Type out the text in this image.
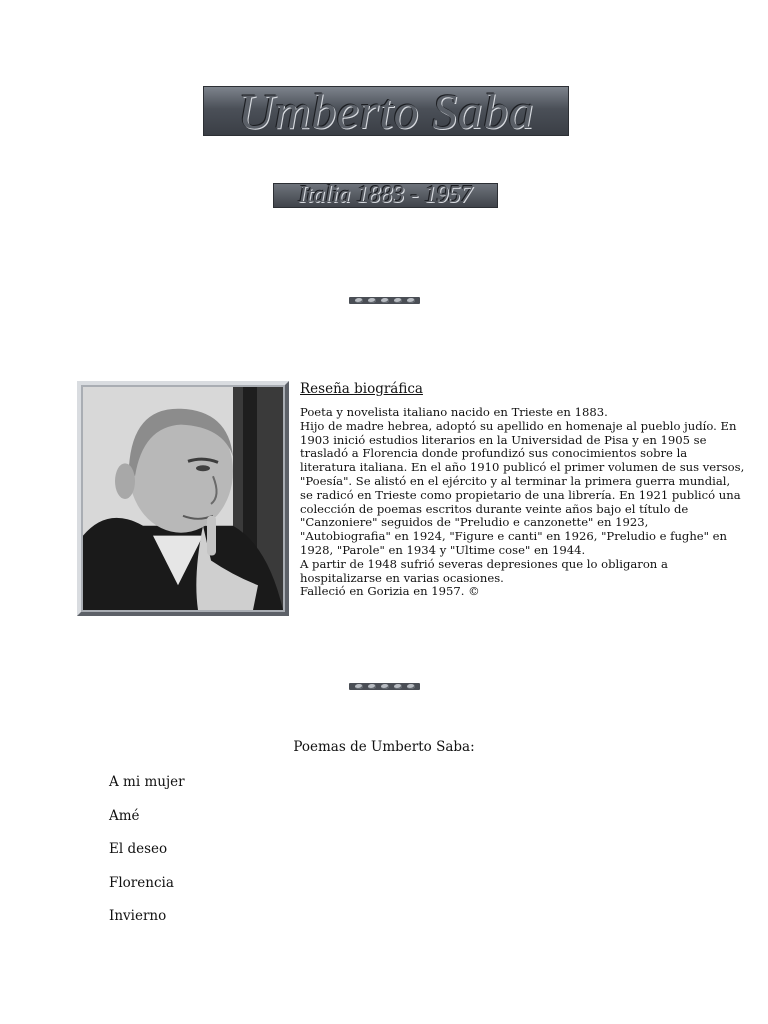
Umberto Saba
Italia 1883 - 1957
Reseña biográfica
Poeta y novelista italiano nacido en Trieste en 1883.
Hijo de madre hebrea, adoptó su apellido en homenaje al pueblo judío. En
1903 inició estudios literarios en la Universidad de Pisa y en 1905 se
trasladó a Florencia donde profundizó sus conocimientos sobre la
literatura italiana. En el año 1910 publicó el primer volumen de sus versos,
"Poesía". Se alistó en el ejército y al terminar la primera guerra mundial,
se radicó en Trieste como propietario de una librería. En 1921 publicó una
colección de poemas escritos durante veinte años bajo el título de
"Canzoniere" seguidos de "Preludio e canzonette" en 1923,
"Autobiografia" en 1924, "Figure e canti" en 1926, "Preludio e fughe" en
1928, "Parole" en 1934 y "Ultime cose" en 1944.
A partir de 1948 sufrió severas depresiones que lo obligaron a
hospitalizarse en varias ocasiones.
Falleció en Gorizia en 1957. ©
Poemas de Umberto Saba:
A mi mujer
Amé
El deseo
Florencia
Invierno
